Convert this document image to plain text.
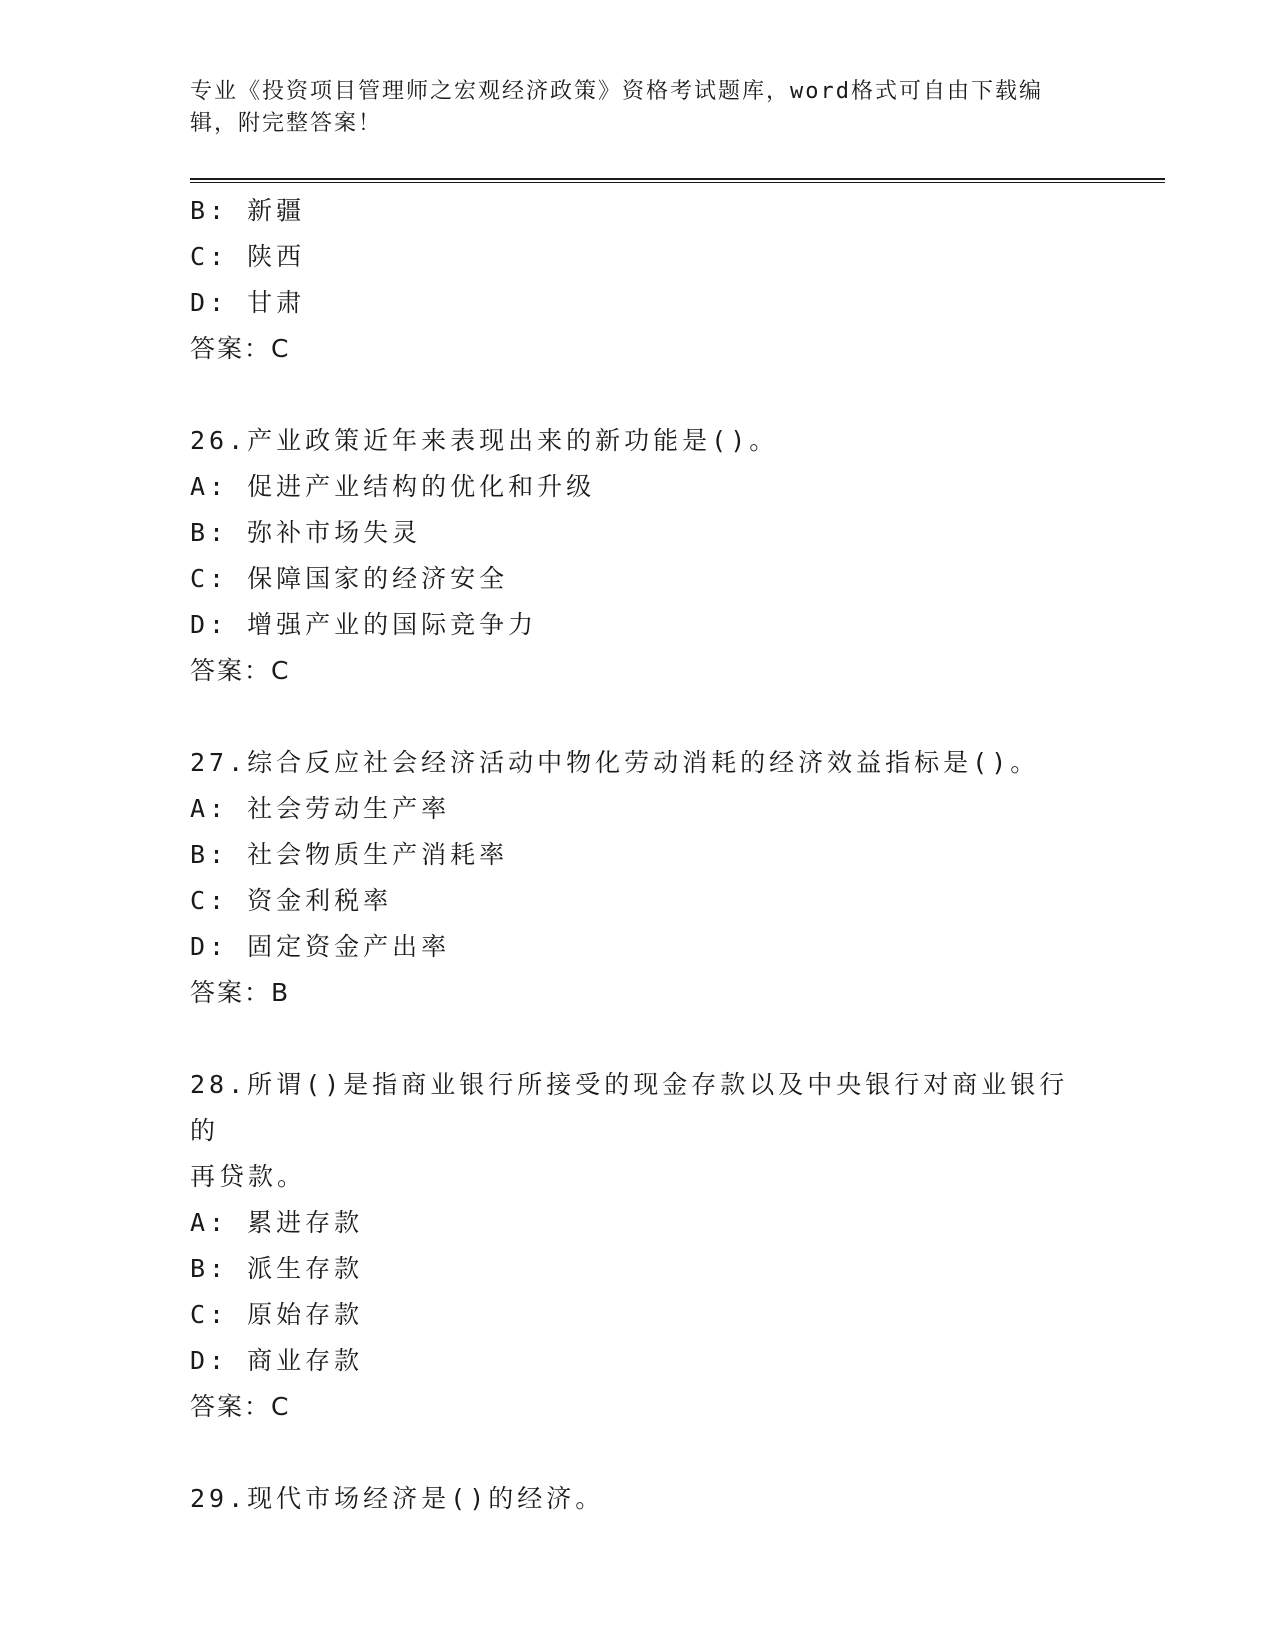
专业《投资项目管理师之宏观经济政策》资格考试题库，word格式可自由下载编辑，附完整答案！
B: 新疆
C: 陕西
D: 甘肃
答案：C
26.产业政策近年来表现出来的新功能是()。
A: 促进产业结构的优化和升级
B: 弥补市场失灵
C: 保障国家的经济安全
D: 增强产业的国际竞争力
答案：C
27.综合反应社会经济活动中物化劳动消耗的经济效益指标是()。
A: 社会劳动生产率
B: 社会物质生产消耗率
C: 资金利税率
D: 固定资金产出率
答案：B
28.所谓()是指商业银行所接受的现金存款以及中央银行对商业银行的
再贷款。
A: 累进存款
B: 派生存款
C: 原始存款
D: 商业存款
答案：C
29.现代市场经济是()的经济。
